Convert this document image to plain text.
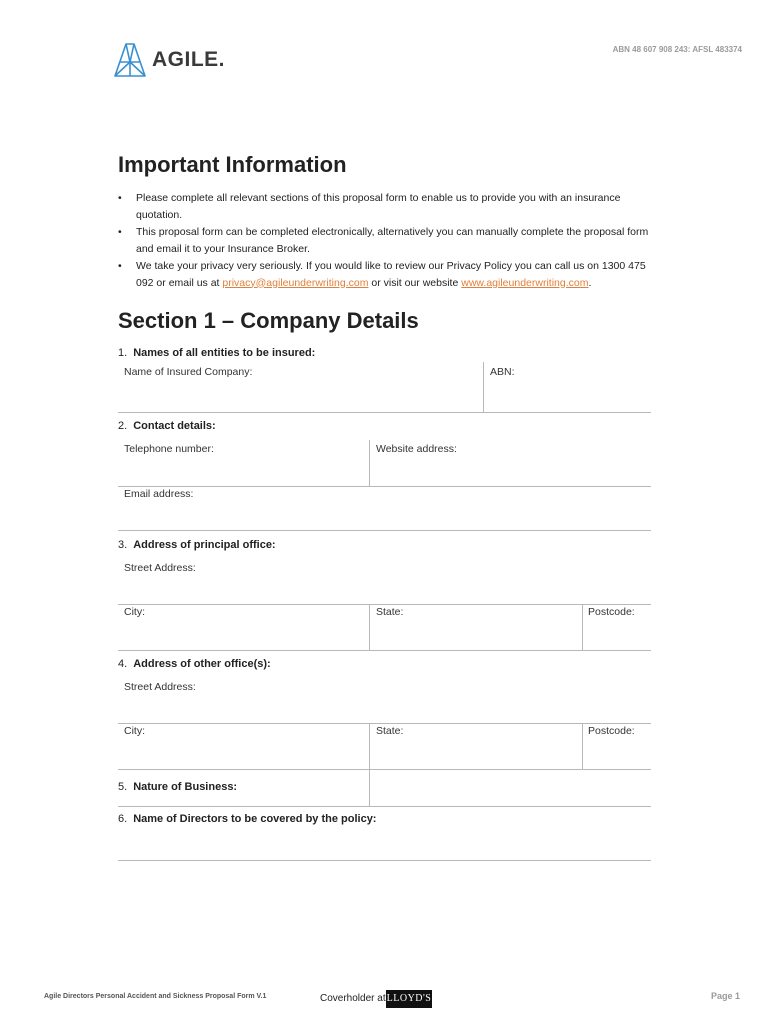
AGILE.	ABN 48 607 908 243: AFSL 483374
Important Information
• Please complete all relevant sections of this proposal form to enable us to provide you with an insurance quotation.
• This proposal form can be completed electronically, alternatively you can manually complete the proposal form and email it to your Insurance Broker.
• We take your privacy very seriously. If you would like to review our Privacy Policy you can call us on 1300 475 092 or email us at privacy@agileunderwriting.com or visit our website www.agileunderwriting.com.
Section 1 – Company Details
1. Names of all entities to be insured:
Name of Insured Company:	ABN:
2. Contact details:
Telephone number:	Website address:
Email address:
3. Address of principal office:
Street Address:
City:	State:	Postcode:
4. Address of other office(s):
Street Address:
City:	State:	Postcode:
5. Nature of Business:
6. Name of Directors to be covered by the policy:
Agile Directors Personal Accident and Sickness Proposal Form V.1	Coverholder at LLOYD'S	Page 1
